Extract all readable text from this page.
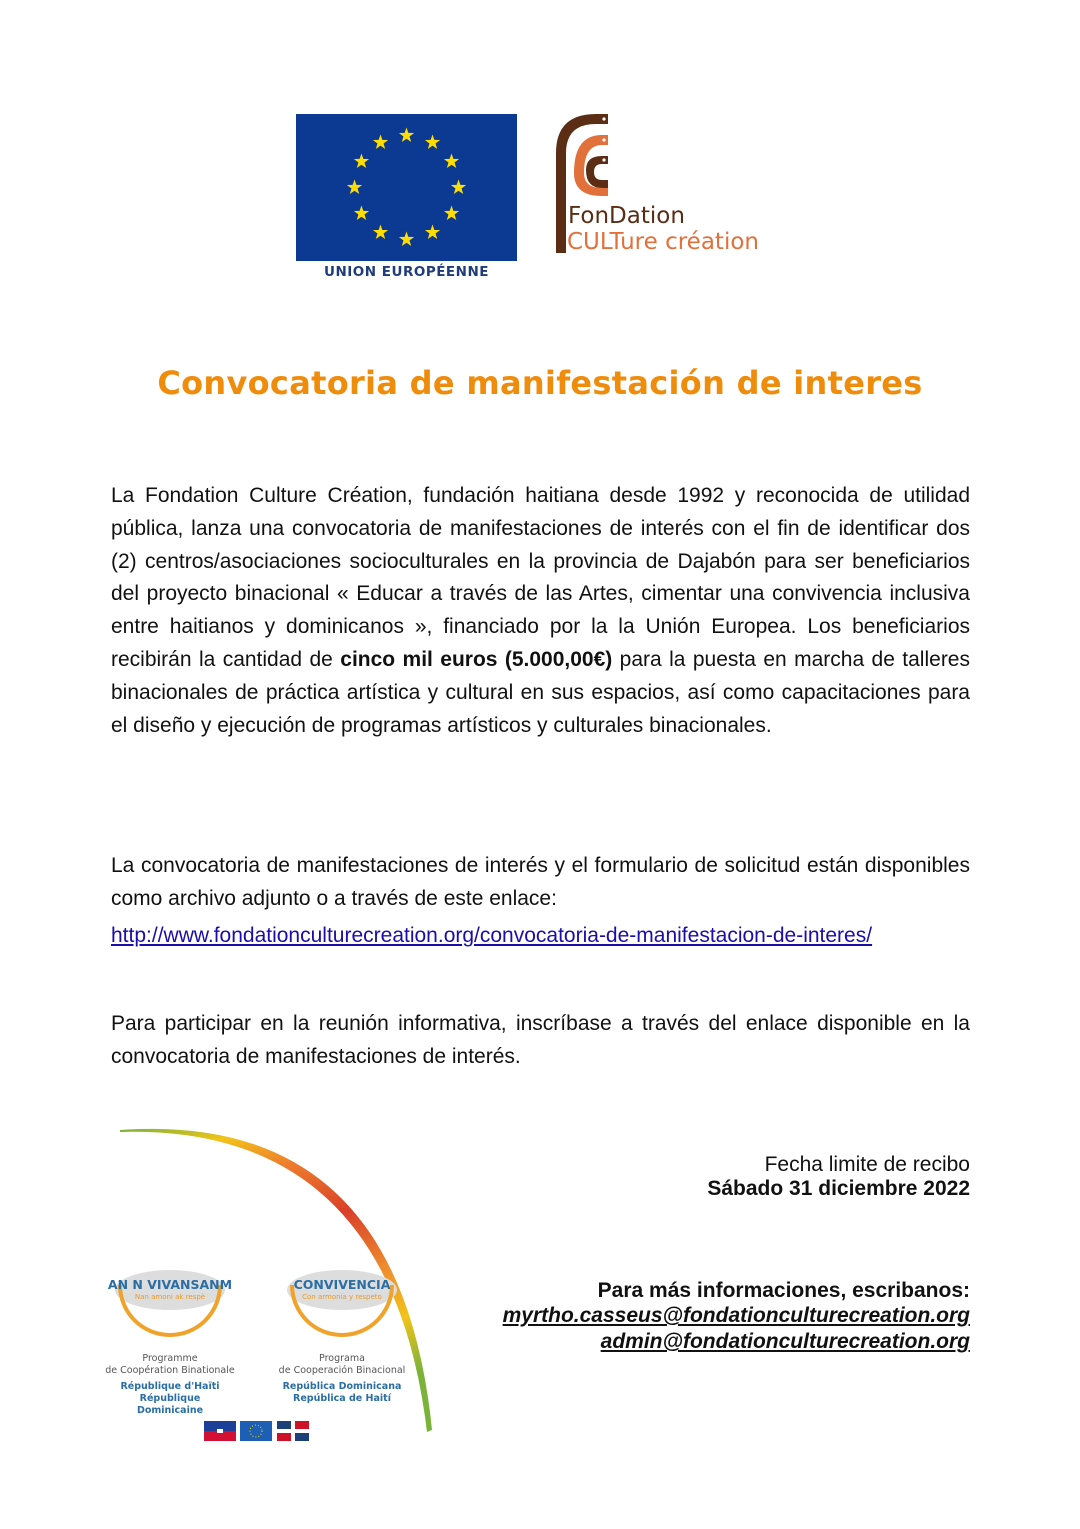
UNION EUROPÉENNE
FonDation
CULTure création
Convocatoria de manifestación de interes
La Fondation Culture Création, fundación haitiana desde 1992 y reconocida de utilidad pública, lanza una convocatoria de manifestaciones de interés con el fin de identificar dos (2) centros/asociaciones socioculturales en la provincia de Dajabón para ser beneficiarios del proyecto binacional « Educar a través de las Artes, cimentar una convivencia inclusiva entre haitianos y dominicanos », financiado por la la Unión Europea. Los beneficiarios recibirán la cantidad de cinco mil euros (5.000,00€) para la puesta en marcha de talleres binacionales de práctica artística y cultural en sus espacios, así como capacitaciones para el diseño y ejecución de programas artísticos y culturales binacionales.
La convocatoria de manifestaciones de interés y el formulario de solicitud están disponibles como archivo adjunto o a través de este enlace:
http://www.fondationculturecreation.org/convocatoria-de-manifestacion-de-interes/
Para participar en la reunión informativa, inscríbase a través del enlace disponible en la convocatoria de manifestaciones de interés.
Fecha limite de recibo
Sábado 31 diciembre 2022
Para más informaciones, escribanos:
myrtho.casseus@fondationculturecreation.org
admin@fondationculturecreation.org
AN N VIVANSANM
Nan amoni ak respè
Programme
de Coopération Binationale
République d'Haïti
République Dominicaine
CONVIVENCIA
Con armonía y respeto
Programa
de Cooperación Binacional
República Dominicana
República de Haití
